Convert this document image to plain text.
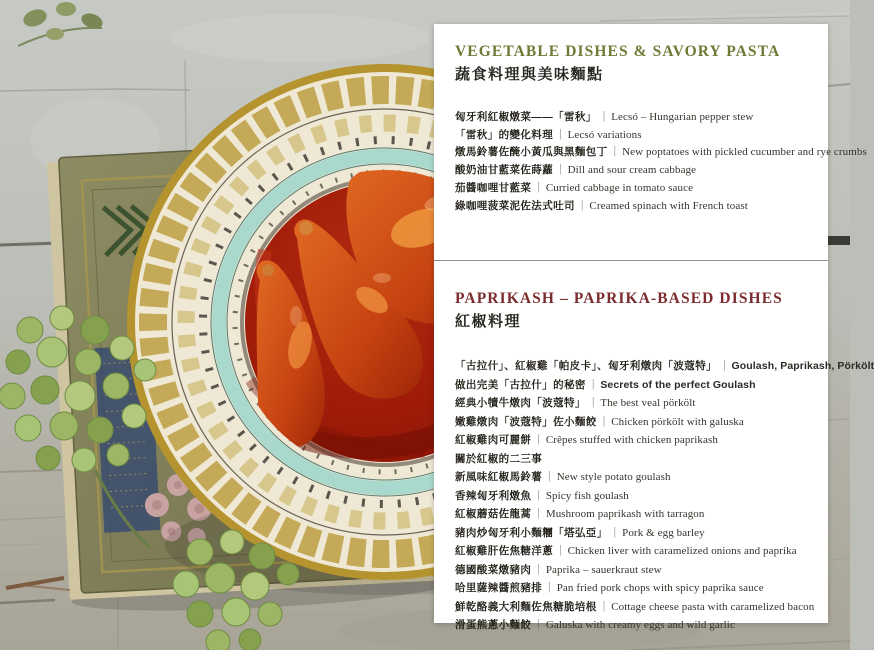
VEGETABLE DISHES & SAVORY PASTA
蔬食料理與美味麵點
匈牙利紅椒燉菜——「雷秋」 ｜ Lecsó – Hungarian pepper stew
「雷秋」的變化料理 ｜ Lecsó variations
燉馬鈴薯佐醃小黃瓜與黑麵包丁 ｜ New poptatoes with pickled cucumber and rye crumbs
酸奶油甘藍菜佐蒔蘿 ｜ Dill and sour cream cabbage
茄醬咖哩甘藍菜 ｜ Curried cabbage in tomato sauce
綠咖哩菠菜泥佐法式吐司 ｜ Creamed spinach with French toast
PAPRIKASH – PAPRIKA-BASED DISHES
紅椒料理
「古拉什」、紅椒雞「帕皮卡」、匈牙利燉肉「波蔻特」 ｜ Goulash, Paprikash, Pörkölt
做出完美「古拉什」的秘密 ｜ Secrets of the perfect Goulash
經典小犢牛燉肉「波蔻特」 ｜ The best veal pörkölt
嫩雞燉肉「波蔻特」佐小麵餃 ｜ Chicken pörkölt with galuska
紅椒雞肉可麗餅 ｜ Crêpes stuffed with chicken paprikash
關於紅椒的二三事
新風味紅椒馬鈴薯 ｜ New style potato goulash
香辣匈牙利燉魚 ｜ Spicy fish goulash
紅椒蘑菇佐龍蒿 ｜ Mushroom paprikash with tarragon
豬肉炒匈牙利小麵糰「塔弘亞」 ｜ Pork & egg barley
紅椒雞肝佐焦糖洋蔥 ｜ Chicken liver with caramelized onions and paprika
德國酸菜燉豬肉 ｜ Paprika – sauerkraut stew
哈里薩辣醬煎豬排 ｜ Pan fried pork chops with spicy paprika sauce
鮮乾酪義大利麵佐焦糖脆培根 ｜ Cottage cheese pasta with caramelized bacon
滑蛋熊蔥小麵餃 ｜ Galuska with creamy eggs and wild garlic
